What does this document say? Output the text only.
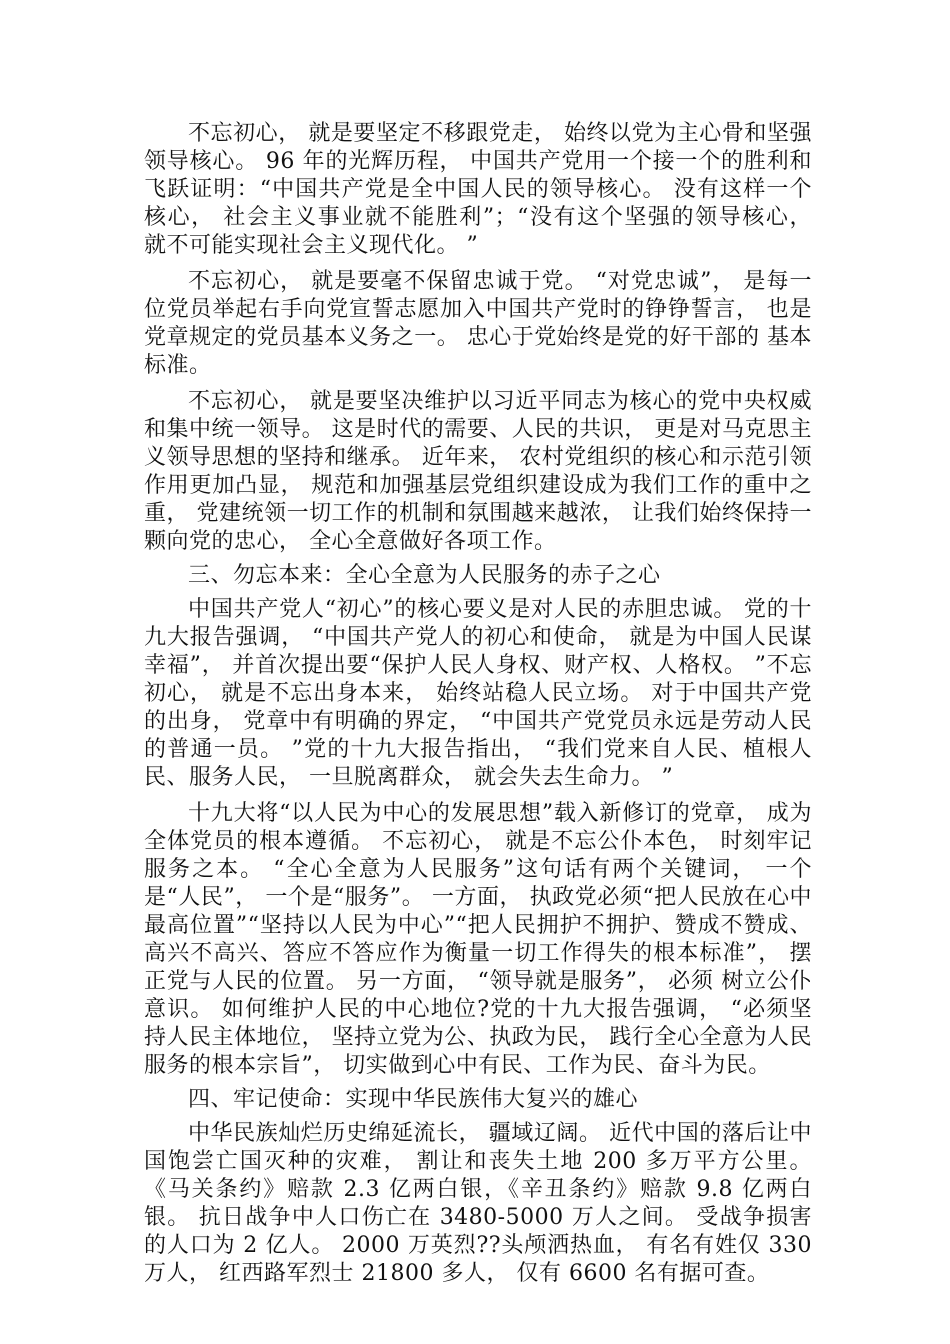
不忘初心， 就是要坚定不移跟党走， 始终以党为主心骨和坚强领导核心。 96 年的光辉历程， 中国共产党用一个接一个的胜利和飞跃证明：“中国共产党是全中国人民的领导核心。 没有这样一个核心， 社会主义事业就不能胜利”；“没有这个坚强的领导核心， 就不可能实现社会主义现代化。 ”

不忘初心， 就是要毫不保留忠诚于党。 “对党忠诚”， 是每一位党员举起右手向党宣誓志愿加入中国共产党时的铮铮誓言， 也是党章规定的党员基本义务之一。 忠心于党始终是党的好干部的 基本标准。

不忘初心， 就是要坚决维护以习近平同志为核心的党中央权威和集中统一领导。 这是时代的需要、人民的共识， 更是对马克思主义领导思想的坚持和继承。 近年来， 农村党组织的核心和示范引领作用更加凸显， 规范和加强基层党组织建设成为我们工作的重中之重， 党建统领一切工作的机制和氛围越来越浓， 让我们始终保持一颗向党的忠心， 全心全意做好各项工作。

三、勿忘本来：全心全意为人民服务的赤子之心

中国共产党人“初心”的核心要义是对人民的赤胆忠诚。 党的十九大报告强调， “中国共产党人的初心和使命， 就是为中国人民谋幸福”， 并首次提出要“保护人民人身权、财产权、人格权。 ”不忘初心， 就是不忘出身本来， 始终站稳人民立场。 对于中国共产党的出身， 党章中有明确的界定， “中国共产党党员永远是劳动人民的普通一员。 ”党的十九大报告指出， “我们党来自人民、植根人民、服务人民， 一旦脱离群众， 就会失去生命力。 ”

十九大将“以人民为中心的发展思想”载入新修订的党章， 成为全体党员的根本遵循。 不忘初心， 就是不忘公仆本色， 时刻牢记服务之本。 “全心全意为人民服务”这句话有两个关键词， 一个是“人民”， 一个是“服务”。 一方面， 执政党必须“把人民放在心中最高位置”“坚持以人民为中心”“把人民拥护不拥护、赞成不赞成、高兴不高兴、答应不答应作为衡量一切工作得失的根本标准”， 摆正党与人民的位置。 另一方面， “领导就是服务”， 必须 树立公仆意识。 如何维护人民的中心地位?党的十九大报告强调， “必须坚持人民主体地位， 坚持立党为公、执政为民， 践行全心全意为人民服务的根本宗旨”， 切实做到心中有民、工作为民、奋斗为民。

四、牢记使命：实现中华民族伟大复兴的雄心

中华民族灿烂历史绵延流长， 疆域辽阔。 近代中国的落后让中国饱尝亡国灭种的灾难， 割让和丧失土地 200 多万平方公里。 《马关条约》赔款 2.3 亿两白银，《辛丑条约》赔款 9.8 亿两白银。 抗日战争中人口伤亡在 3480-5000 万人之间。 受战争损害的人口为 2 亿人。 2000 万英烈??头颅洒热血， 有名有姓仅 330 万人， 红西路军烈士 21800 多人， 仅有 6600 名有据可查。
